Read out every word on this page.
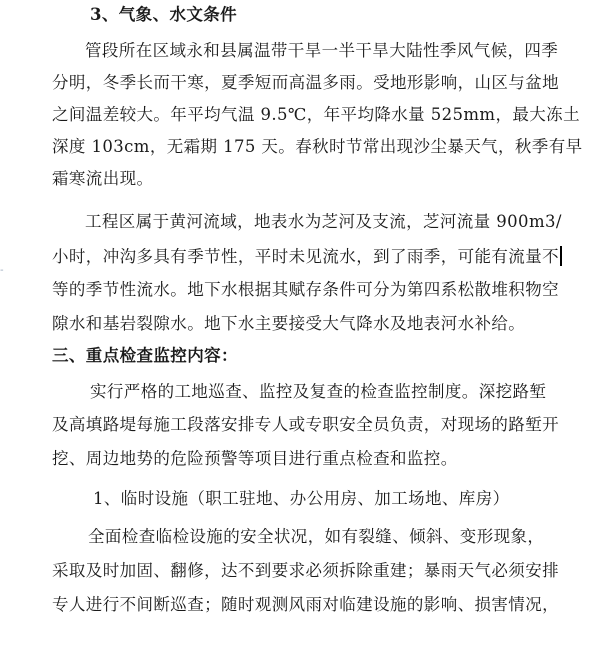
-
3、气象、水文条件
管段所在区域永和县属温带干旱一半干旱大陆性季风气候，四季
分明，冬季长而干寒，夏季短而高温多雨。受地形影响，山区与盆地
之间温差较大。年平均气温 9.5℃，年平均降水量 525mm，最大冻土
深度 103cm，无霜期 175 天。春秋时节常出现沙尘暴天气，秋季有早
霜寒流出现。
工程区属于黄河流域，地表水为芝河及支流，芝河流量 900m3/
小时，冲沟多具有季节性，平时未见流水，到了雨季，可能有流量不
等的季节性流水。地下水根据其赋存条件可分为第四系松散堆积物空
隙水和基岩裂隙水。地下水主要接受大气降水及地表河水补给。
三、重点检查监控内容：
实行严格的工地巡查、监控及复查的检查监控制度。深挖路堑
及高填路堤每施工段落安排专人或专职安全员负责，对现场的路堑开
挖、周边地势的危险预警等项目进行重点检查和监控。
1、临时设施（职工驻地、办公用房、加工场地、库房）
全面检查临检设施的安全状况，如有裂缝、倾斜、变形现象，
采取及时加固、翻修，达不到要求必须拆除重建；暴雨天气必须安排
专人进行不间断巡查；随时观测风雨对临建设施的影响、损害情况，
